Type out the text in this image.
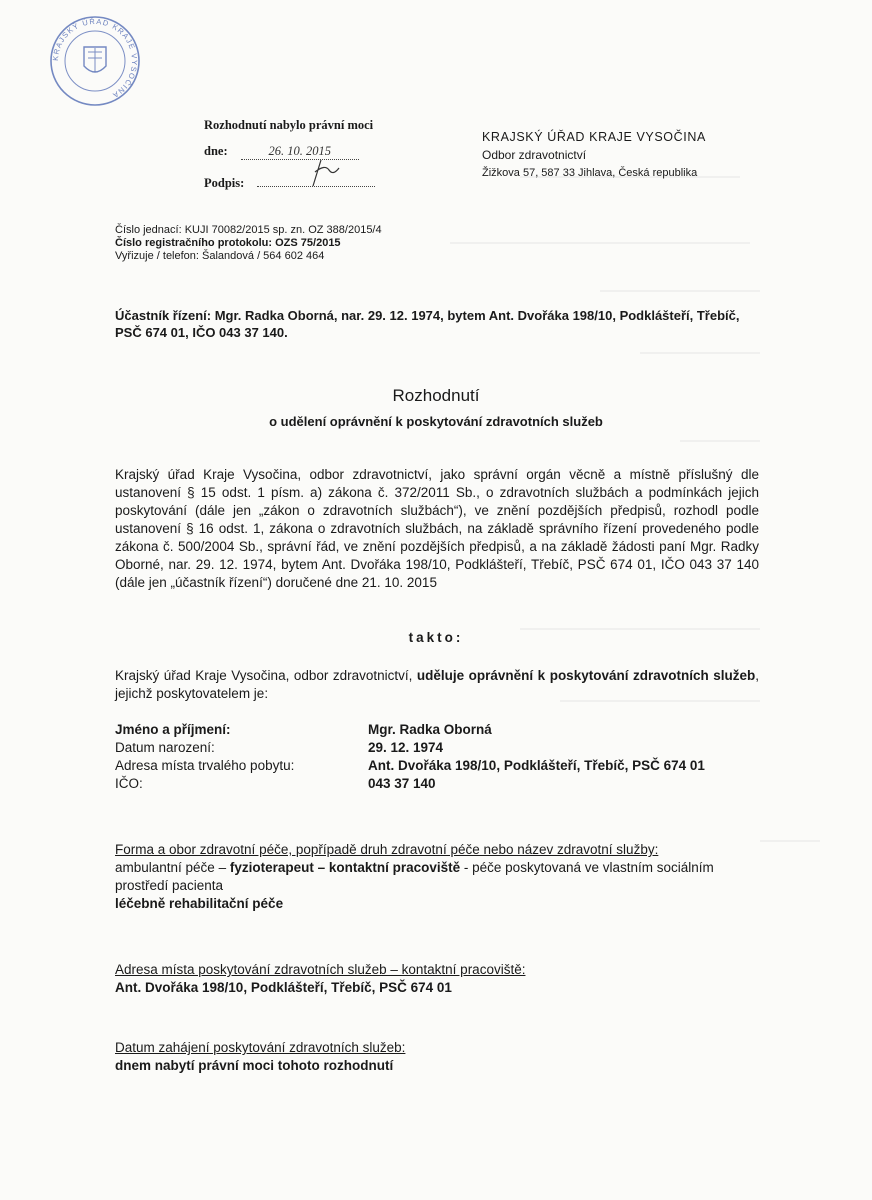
KRAJSKÝ ÚŘAD KRAJE VYSOČINA
Rozhodnutí nabylo právní moci
dne:	26. 10. 2015
Podpis:
KRAJSKÝ ÚŘAD KRAJE VYSOČINA
Odbor zdravotnictví
Žižkova 57, 587 33 Jihlava, Česká republika
Číslo jednací: KUJI 70082/2015 sp. zn. OZ 388/2015/4
Číslo registračního protokolu: OZS 75/2015
Vyřizuje / telefon: Šalandová / 564 602 464
Účastník řízení: Mgr. Radka Oborná, nar. 29. 12. 1974, bytem Ant. Dvořáka 198/10, Podklášteří, Třebíč, PSČ 674 01, IČO 043 37 140.
Rozhodnutí
o udělení oprávnění k poskytování zdravotních služeb
Krajský úřad Kraje Vysočina, odbor zdravotnictví, jako správní orgán věcně a místně příslušný dle ustanovení § 15 odst. 1 písm. a) zákona č. 372/2011 Sb., o zdravotních službách a podmínkách jejich poskytování (dále jen „zákon o zdravotních službách“), ve znění pozdějších předpisů, rozhodl podle ustanovení § 16 odst. 1, zákona o zdravotních službách, na základě správního řízení provedeného podle zákona č. 500/2004 Sb., správní řád, ve znění pozdějších předpisů, a na základě žádosti paní Mgr. Radky Oborné, nar. 29. 12. 1974, bytem Ant. Dvořáka 198/10, Podklášteří, Třebíč, PSČ 674 01, IČO 043 37 140 (dále jen „účastník řízení“) doručené dne 21. 10. 2015
takto:
Krajský úřad Kraje Vysočina, odbor zdravotnictví, uděluje oprávnění k poskytování zdravotních služeb, jejichž poskytovatelem je:
Jméno a příjmení:	Mgr. Radka Oborná
Datum narození:	29. 12. 1974
Adresa místa trvalého pobytu:	Ant. Dvořáka 198/10, Podklášteří, Třebíč, PSČ 674 01
IČO:	043 37 140
Forma a obor zdravotní péče, popřípadě druh zdravotní péče nebo název zdravotní služby:
ambulantní péče – fyzioterapeut – kontaktní pracoviště - péče poskytovaná ve vlastním sociálním prostředí pacienta
léčebně rehabilitační péče
Adresa místa poskytování zdravotních služeb – kontaktní pracoviště:
Ant. Dvořáka 198/10, Podklášteří, Třebíč, PSČ 674 01
Datum zahájení poskytování zdravotních služeb:
dnem nabytí právní moci tohoto rozhodnutí
